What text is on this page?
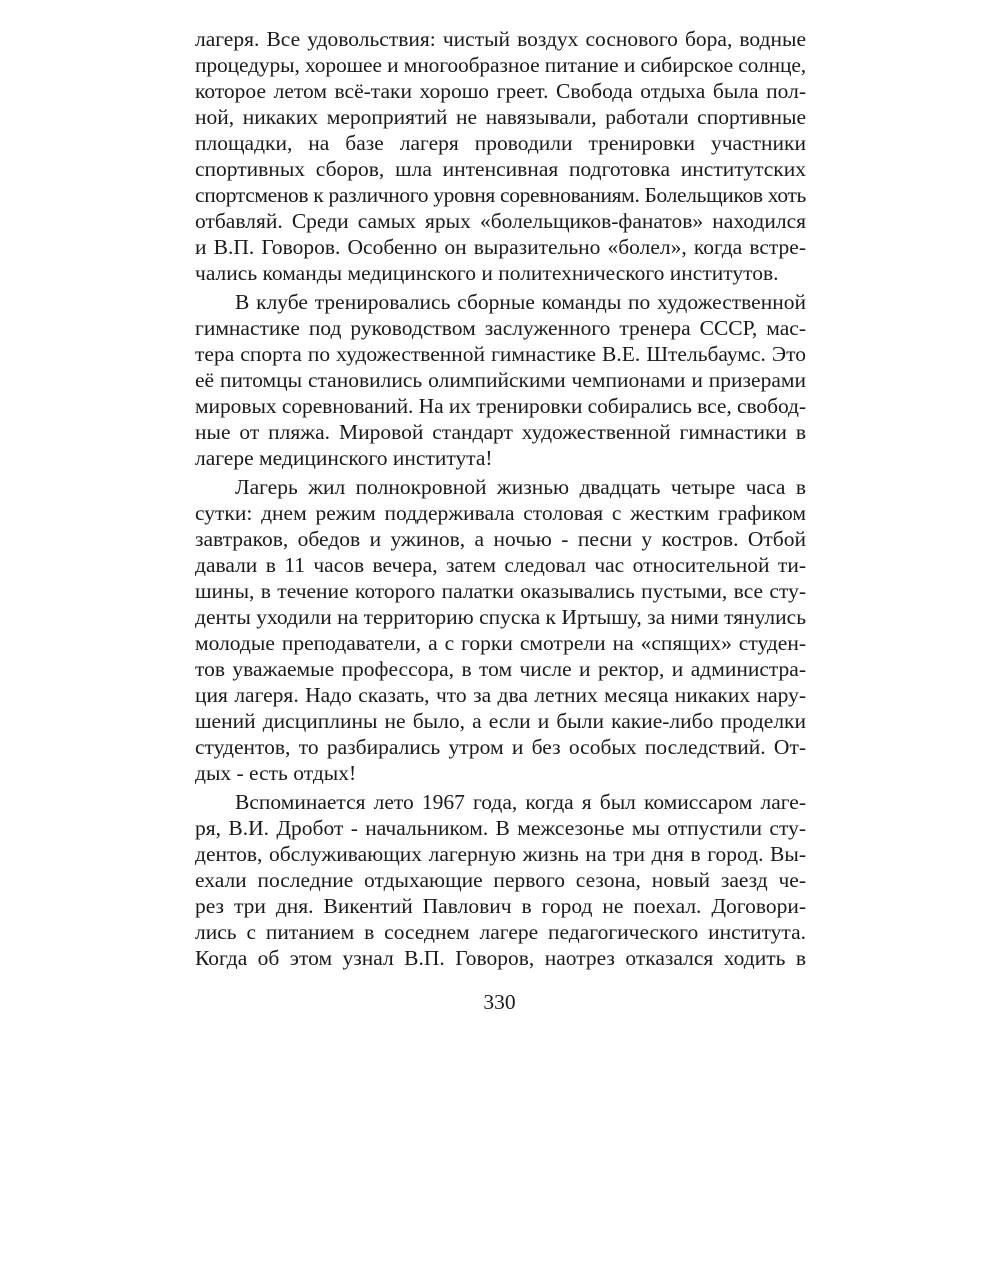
лагеря. Все удовольствия: чистый воздух соснового бора, водные
процедуры, хорошее и многообразное питание и сибирское солнце,
которое летом всё-таки хорошо греет. Свобода отдыха была пол-
ной, никаких мероприятий не навязывали, работали спортивные
площадки, на базе лагеря проводили тренировки участники
спортивных сборов, шла интенсивная подготовка институтских
спортсменов к различного уровня соревнованиям. Болельщиков хоть
отбавляй. Среди самых ярых «болельщиков-фанатов» находился
и В.П. Говоров. Особенно он выразительно «болел», когда встре-
чались команды медицинского и политехнического институтов.
В клубе тренировались сборные команды по художественной
гимнастике под руководством заслуженного тренера СССР, мас-
тера спорта по художественной гимнастике В.Е. Штельбаумс. Это
её питомцы становились олимпийскими чемпионами и призерами
мировых соревнований. На их тренировки собирались все, свобод-
ные от пляжа. Мировой стандарт художественной гимнастики в
лагере медицинского института!
Лагерь жил полнокровной жизнью двадцать четыре часа в
сутки: днем режим поддерживала столовая с жестким графиком
завтраков, обедов и ужинов, а ночью - песни у костров. Отбой
давали в 11 часов вечера, затем следовал час относительной ти-
шины, в течение которого палатки оказывались пустыми, все сту-
денты уходили на территорию спуска к Иртышу, за ними тянулись
молодые преподаватели, а с горки смотрели на «спящих» студен-
тов уважаемые профессора, в том числе и ректор, и администра-
ция лагеря. Надо сказать, что за два летних месяца никаких нару-
шений дисциплины не было, а если и были какие-либо проделки
студентов, то разбирались утром и без особых последствий. От-
дых - есть отдых!
Вспоминается лето 1967 года, когда я был комиссаром лаге-
ря, В.И. Дробот - начальником. В межсезонье мы отпустили сту-
дентов, обслуживающих лагерную жизнь на три дня в город. Вы-
ехали последние отдыхающие первого сезона, новый заезд че-
рез три дня. Викентий Павлович в город не поехал. Договори-
лись с питанием в соседнем лагере педагогического института.
Когда об этом узнал В.П. Говоров, наотрез отказался ходить в
330
